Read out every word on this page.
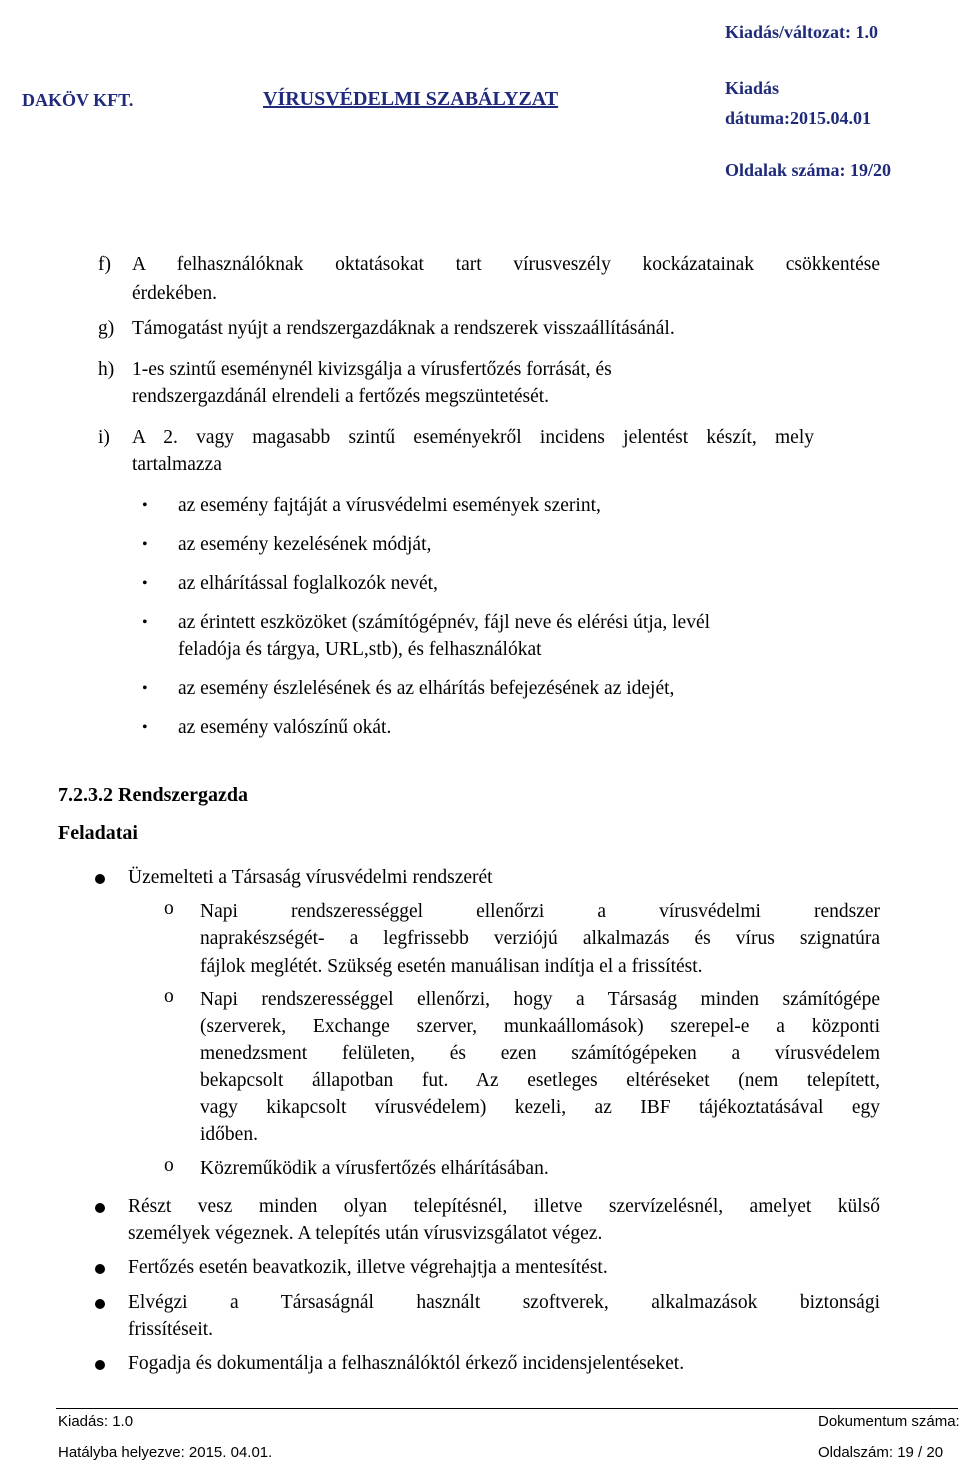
DAKÖV KFT.	VÍRUSVÉDELMI SZABÁLYZAT
Kiadás/változat: 1.0
Kiadás
dátuma:2015.04.01
Oldalak száma: 19/20
f) A felhasználóknak oktatásokat tart vírusveszély kockázatainak csökkentése
érdekében.
g) Támogatást nyújt a rendszergazdáknak a rendszerek visszaállításánál.
h) 1-es szintű eseménynél kivizsgálja a vírusfertőzés forrását, és
rendszergazdánál elrendeli a fertőzés megszüntetését.
i) A 2. vagy magasabb szintű eseményekről incidens jelentést készít, mely
tartalmazza
• az esemény fajtáját a vírusvédelmi események szerint,
• az esemény kezelésének módját,
• az elhárítással foglalkozók nevét,
• az érintett eszközöket (számítógépnév, fájl neve és elérési útja, levél
feladója és tárgya, URL,stb), és felhasználókat
• az esemény észlelésének és az elhárítás befejezésének az idejét,
• az esemény valószínű okát.
7.2.3.2 Rendszergazda
Feladatai
Üzemelteti a Társaság vírusvédelmi rendszerét
o Napi rendszerességgel ellenőrzi a vírusvédelmi rendszer
naprakészségét- a legfrissebb verziójú alkalmazás és vírus szignatúra
fájlok meglétét. Szükség esetén manuálisan indítja el a frissítést.
o Napi rendszerességgel ellenőrzi, hogy a Társaság minden számítógépe
(szerverek, Exchange szerver, munkaállomások) szerepel-e a központi
menedzsment felületen, és ezen számítógépeken a vírusvédelem
bekapcsolt állapotban fut. Az esetleges eltéréseket (nem telepített,
vagy kikapcsolt vírusvédelem) kezeli, az IBF tájékoztatásával egy
időben.
o Közreműködik a vírusfertőzés elhárításában.
Részt vesz minden olyan telepítésnél, illetve szervízelésnél, amelyet külső
személyek végeznek. A telepítés után vírusvizsgálatot végez.
Fertőzés esetén beavatkozik, illetve végrehajtja a mentesítést.
Elvégzi a Társaságnál használt szoftverek, alkalmazások biztonsági
frissítéseit.
Fogadja és dokumentálja a felhasználóktól érkező incidensjelentéseket.
Kiadás: 1.0	Dokumentum száma:
Hatályba helyezve: 2015. 04.01.	Oldalszám: 19 / 20
